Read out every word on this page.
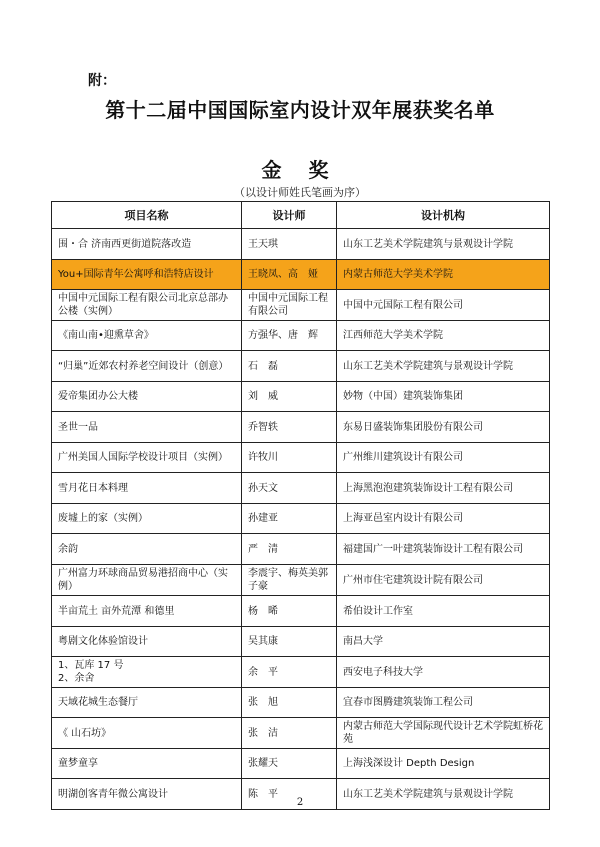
附：
第十二届中国国际室内设计双年展获奖名单
金 奖
（以设计师姓氏笔画为序）
项目名称	设计师	设计机构
围・合 济南西更街道院落改造	王天琪	山东工艺美术学院建筑与景观设计学院
You+国际青年公寓呼和浩特店设计	王晓凤、高　娅	内蒙古师范大学美术学院
中国中元国际工程有限公司北京总部办公楼（实例）	中国中元国际工程有限公司	中国中元国际工程有限公司
《南山南•迎熏草舍》	方强华、唐　辉	江西师范大学美术学院
“归巢”近郊农村养老空间设计（创意）	石　磊	山东工艺美术学院建筑与景观设计学院
爱帝集团办公大楼	刘　威	妙物（中国）建筑装饰集团
圣世一品	乔智轶	东易日盛装饰集团股份有限公司
广州美国人国际学校设计项目（实例）	许牧川	广州维川建筑设计有限公司
雪月花日本料理	孙天文	上海黑泡泡建筑装饰设计工程有限公司
废墟上的家（实例）	孙建亚	上海亚邑室内设计有限公司
余韵	严　清	福建国广一叶建筑装饰设计工程有限公司
广州富力环球商品贸易港招商中心（实例）	李震宇、梅英美郭子豪	广州市住宅建筑设计院有限公司
半亩荒土 亩外荒潭 和德里	杨　晞	希伯设计工作室
粤剧文化体验馆设计	吴其康	南昌大学
1、瓦库 17 号
2、余舍	余　平	西安电子科技大学
天域花城生态餐厅	张　旭	宜春市图腾建筑装饰工程公司
《 山石坊》	张　洁	内蒙古师范大学国际现代设计艺术学院虹桥花苑
童梦童享	张耀天	上海浅深设计 Depth Design
明湖创客青年微公寓设计	陈　平	山东工艺美术学院建筑与景观设计学院
2
